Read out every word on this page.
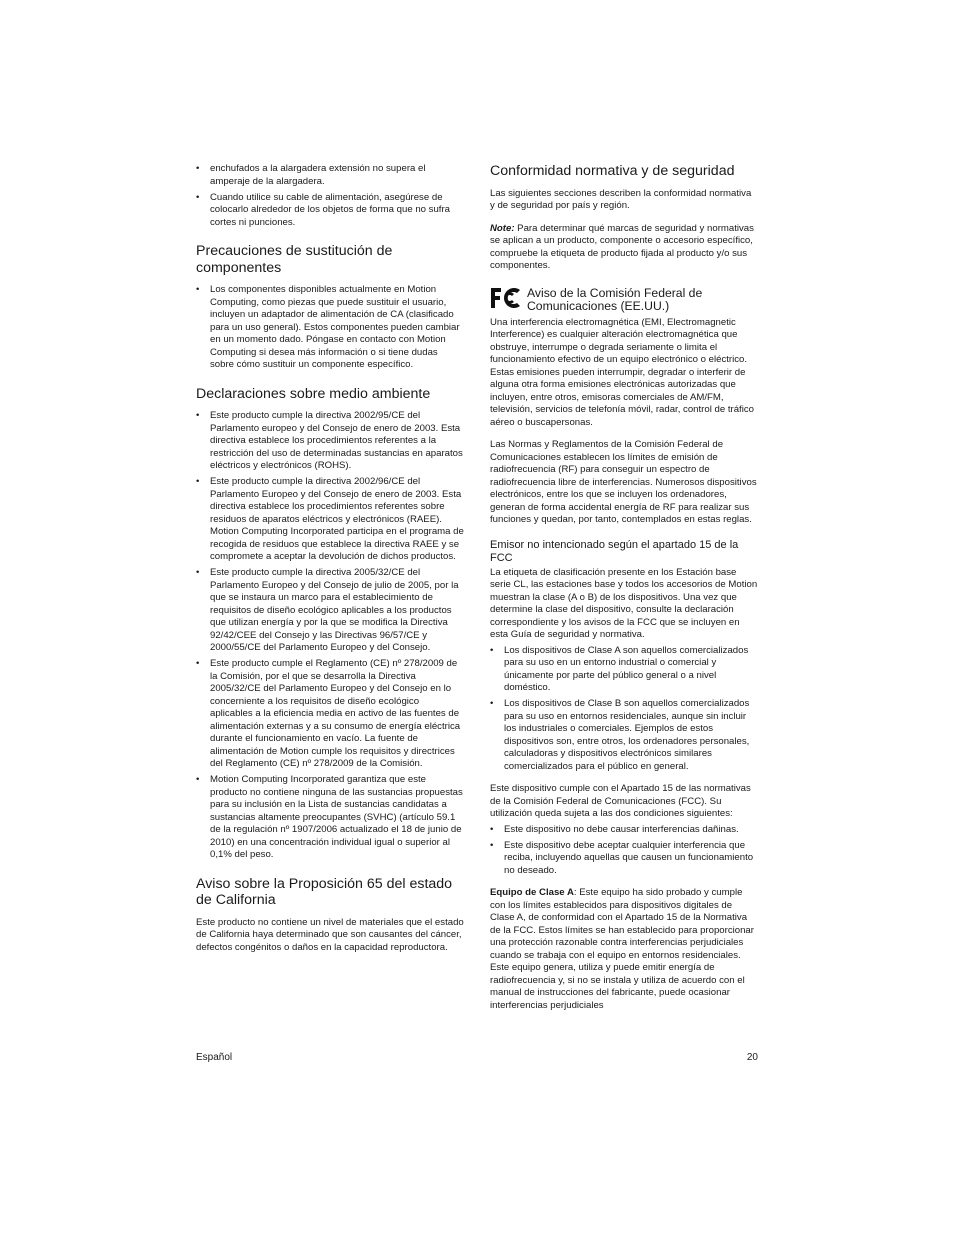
• enchufados a la alargadera extensión no supera el amperaje de la alargadera.
• Cuando utilice su cable de alimentación, asegúrese de colocarlo alrededor de los objetos de forma que no sufra cortes ni punciones.
Precauciones de sustitución de componentes
• Los componentes disponibles actualmente en Motion Computing, como piezas que puede sustituir el usuario, incluyen un adaptador de alimentación de CA (clasificado para un uso general). Estos componentes pueden cambiar en un momento dado. Póngase en contacto con Motion Computing si desea más información o si tiene dudas sobre cómo sustituir un componente específico.
Declaraciones sobre medio ambiente
• Este producto cumple la directiva 2002/95/CE del Parlamento europeo y del Consejo de enero de 2003. Esta directiva establece los procedimientos referentes a la restricción del uso de determinadas sustancias en aparatos eléctricos y electrónicos (ROHS).
• Este producto cumple la directiva 2002/96/CE del Parlamento Europeo y del Consejo de enero de 2003. Esta directiva establece los procedimientos referentes sobre residuos de aparatos eléctricos y electrónicos (RAEE). Motion Computing Incorporated participa en el programa de recogida de residuos que establece la directiva RAEE y se compromete a aceptar la devolución de dichos productos.
• Este producto cumple la directiva 2005/32/CE del Parlamento Europeo y del Consejo de julio de 2005, por la que se instaura un marco para el establecimiento de requisitos de diseño ecológico aplicables a los productos que utilizan energía y por la que se modifica la Directiva 92/42/CEE del Consejo y las Directivas 96/57/CE y 2000/55/CE del Parlamento Europeo y del Consejo.
• Este producto cumple el Reglamento (CE) nº 278/2009 de la Comisión, por el que se desarrolla la Directiva 2005/32/CE del Parlamento Europeo y del Consejo en lo concerniente a los requisitos de diseño ecológico aplicables a la eficiencia media en activo de las fuentes de alimentación externas y a su consumo de energía eléctrica durante el funcionamiento en vacío. La fuente de alimentación de Motion cumple los requisitos y directrices del Reglamento (CE) nº 278/2009 de la Comisión.
• Motion Computing Incorporated garantiza que este producto no contiene ninguna de las sustancias propuestas para su inclusión en la Lista de sustancias candidatas a sustancias altamente preocupantes (SVHC) (artículo 59.1 de la regulación nº 1907/2006 actualizado el 18 de junio de 2010) en una concentración individual igual o superior al 0,1% del peso.
Aviso sobre la Proposición 65 del estado de California

Este producto no contiene un nivel de materiales que el estado de California haya determinado que son causantes del cáncer, defectos congénitos o daños en la capacidad reproductora.

Conformidad normativa y de seguridad

Las siguientes secciones describen la conformidad normativa y de seguridad por país y región.

Note: Para determinar qué marcas de seguridad y normativas se aplican a un producto, componente o accesorio específico, compruebe la etiqueta de producto fijada al producto y/o sus componentes.

Aviso de la Comisión Federal de Comunicaciones (EE.UU.)

Una interferencia electromagnética (EMI, Electromagnetic Interference) es cualquier alteración electromagnética que obstruye, interrumpe o degrada seriamente o limita el funcionamiento efectivo de un equipo electrónico o eléctrico. Estas emisiones pueden interrumpir, degradar o interferir de alguna otra forma emisiones electrónicas autorizadas que incluyen, entre otros, emisoras comerciales de AM/FM, televisión, servicios de telefonía móvil, radar, control de tráfico aéreo o buscapersonas.

Las Normas y Reglamentos de la Comisión Federal de Comunicaciones establecen los límites de emisión de radiofrecuencia (RF) para conseguir un espectro de radiofrecuencia libre de interferencias. Numerosos dispositivos electrónicos, entre los que se incluyen los ordenadores, generan de forma accidental energía de RF para realizar sus funciones y quedan, por tanto, contemplados en estas reglas.

Emisor no intencionado según el apartado 15 de la FCC

La etiqueta de clasificación presente en los Estación base serie CL, las estaciones base y todos los accesorios de Motion muestran la clase (A o B) de los dispositivos. Una vez que determine la clase del dispositivo, consulte la declaración correspondiente y los avisos de la FCC que se incluyen en esta Guía de seguridad y normativa.

• Los dispositivos de Clase A son aquellos comercializados para su uso en un entorno industrial o comercial y únicamente por parte del público general o a nivel doméstico.
• Los dispositivos de Clase B son aquellos comercializados para su uso en entornos residenciales, aunque sin incluir los industriales o comerciales. Ejemplos de estos dispositivos son, entre otros, los ordenadores personales, calculadoras y dispositivos electrónicos similares comercializados para el público en general.

Este dispositivo cumple con el Apartado 15 de las normativas de la Comisión Federal de Comunicaciones (FCC). Su utilización queda sujeta a las dos condiciones siguientes:

• Este dispositivo no debe causar interferencias dañinas.
• Este dispositivo debe aceptar cualquier interferencia que reciba, incluyendo aquellas que causen un funcionamiento no deseado.

Equipo de Clase A: Este equipo ha sido probado y cumple con los límites establecidos para dispositivos digitales de Clase A, de conformidad con el Apartado 15 de la Normativa de la FCC. Estos límites se han establecido para proporcionar una protección razonable contra interferencias perjudiciales cuando se trabaja con el equipo en entornos residenciales. Este equipo genera, utiliza y puede emitir energía de radiofrecuencia y, si no se instala y utiliza de acuerdo con el manual de instrucciones del fabricante, puede ocasionar interferencias perjudiciales

Español	20
